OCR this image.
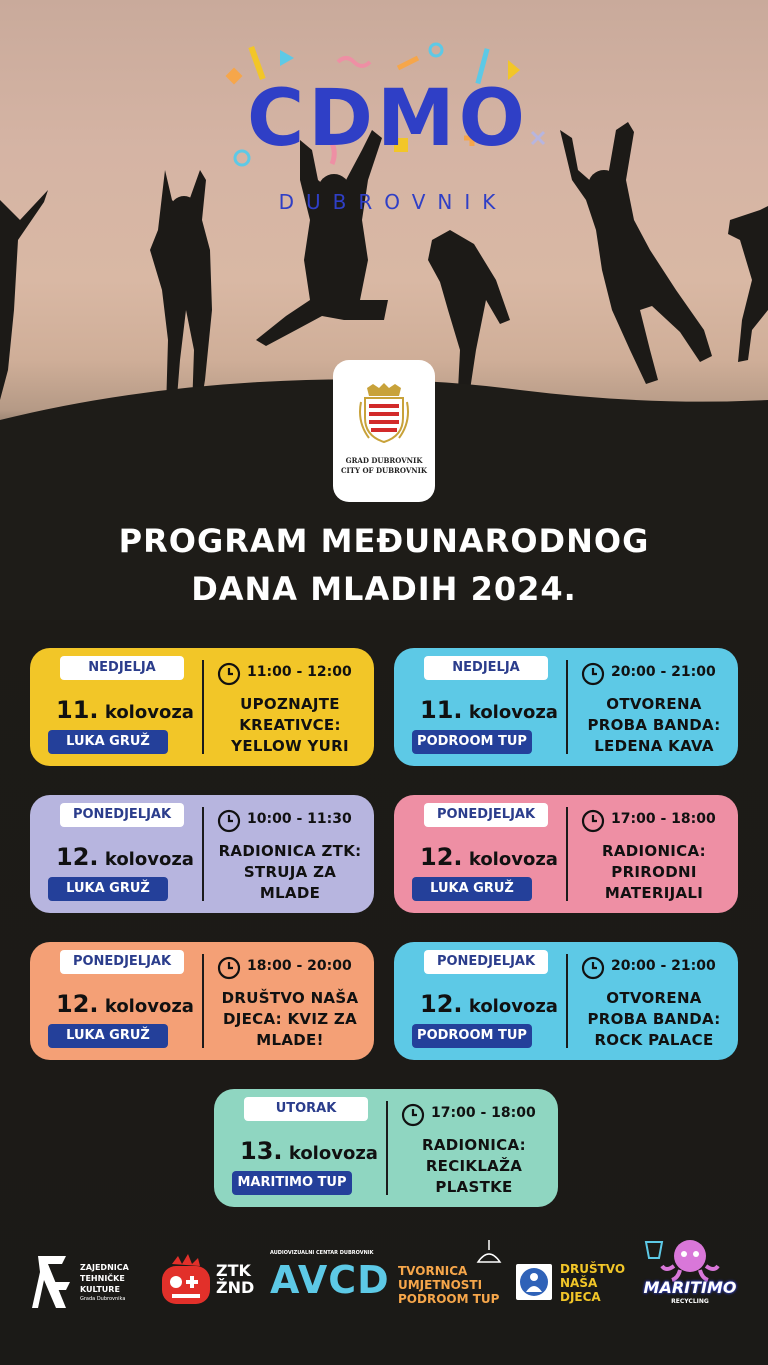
CDMO
DUBROVNIK
GRAD DUBROVNIK
CITY OF DUBROVNIK
PROGRAM MEĐUNARODNOG
DANA MLADIH 2024.
NEDJELJA
11. kolovoza
LUKA GRUŽ
11:00 - 12:00
UPOZNAJTE KREATIVCE: YELLOW YURI
NEDJELJA
11. kolovoza
PODROOM TUP
20:00 - 21:00
OTVORENA PROBA BANDA: LEDENA KAVA
PONEDJELJAK
12. kolovoza
LUKA GRUŽ
10:00 - 11:30
RADIONICA ZTK: STRUJA ZA MLADE
PONEDJELJAK
12. kolovoza
LUKA GRUŽ
17:00 - 18:00
RADIONICA: PRIRODNI MATERIJALI
PONEDJELJAK
12. kolovoza
LUKA GRUŽ
18:00 - 20:00
DRUŠTVO NAŠA DJECA: KVIZ ZA MLADE!
PONEDJELJAK
12. kolovoza
PODROOM TUP
20:00 - 21:00
OTVORENA PROBA BANDA: ROCK PALACE
UTORAK
13. kolovoza
MARITIMO TUP
17:00 - 18:00
RADIONICA: RECIKLAŽA PLASTKE
ZAJEDNICA
TEHNIČKE
KULTURE
Grada Dubrovnika
ZTK ŽND
AUDIOVIZUALNI CENTAR DUBROVNIK
AVCD TVORNICA
UMJETNOSTI
PODROOM TUP
DRUŠTVO
NAŠA
DJECA	MARITIMO
RECYCLING
